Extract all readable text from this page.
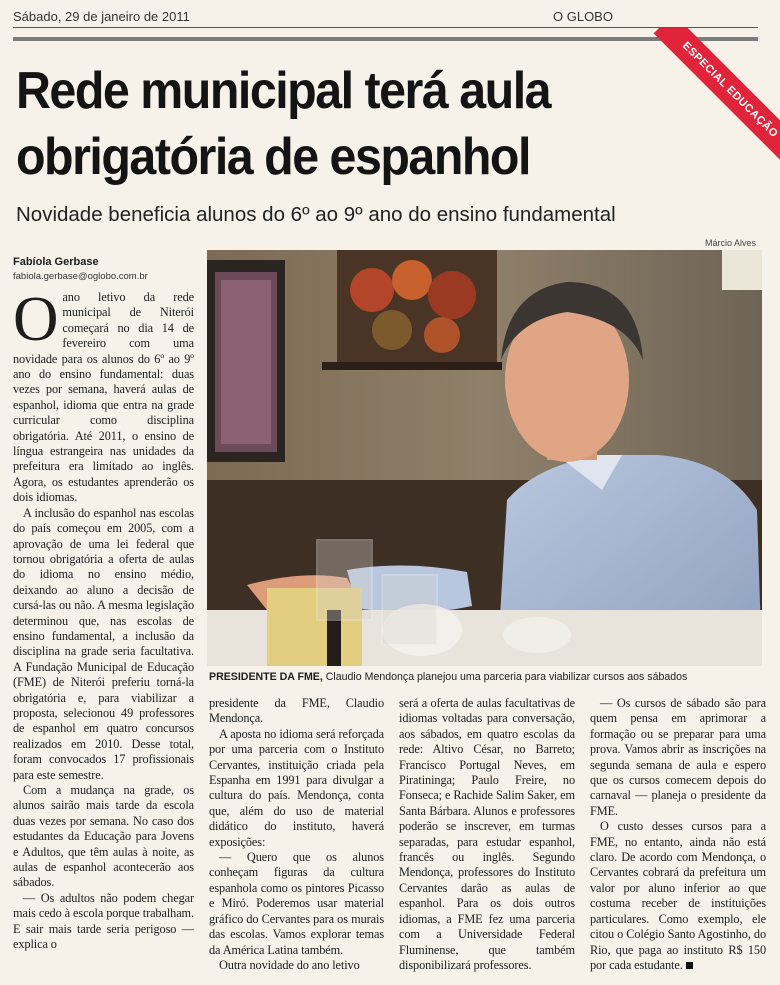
Sábado, 29 de janeiro de 2011	O GLOBO
ESPECIAL EDUCAÇÃO
Rede municipal terá aula
obrigatória de espanhol
Novidade beneficia alunos do 6º ao 9º ano do ensino fundamental
Márcio Alves
Fabíola Gerbase
fabiola.gerbase@oglobo.com.br
PRESIDENTE DA FME, Claudio Mendonça planejou uma parceria para viabilizar cursos aos sábados

O ano letivo da rede municipal de Niterói começará no dia 14 de fevereiro com uma novidade para os alunos do 6º ao 9º ano do ensino fundamental: duas vezes por semana, haverá aulas de espanhol, idioma que entra na grade curricular como disciplina obrigatória. Até 2011, o ensino de língua estrangeira nas unidades da prefeitura era limitado ao inglês. Agora, os estudantes aprenderão os dois idiomas.

A inclusão do espanhol nas escolas do país começou em 2005, com a aprovação de uma lei federal que tornou obrigatória a oferta de aulas do idioma no ensino médio, deixando ao aluno a decisão de cursá-las ou não. A mesma legislação determinou que, nas escolas de ensino fundamental, a inclusão da disciplina na grade seria facultativa. A Fundação Municipal de Educação (FME) de Niterói preferiu torná-la obrigatória e, para viabilizar a proposta, selecionou 49 professores de espanhol em quatro concursos realizados em 2010. Desse total, foram convocados 17 profissionais para este semestre.

Com a mudança na grade, os alunos sairão mais tarde da escola duas vezes por semana. No caso dos estudantes da Educação para Jovens e Adultos, que têm aulas à noite, as aulas de espanhol acontecerão aos sábados.

— Os adultos não podem chegar mais cedo à escola porque trabalham. E sair mais tarde seria perigoso — explica o

presidente da FME, Claudio Mendonça.

A aposta no idioma será reforçada por uma parceria com o Instituto Cervantes, instituição criada pela Espanha em 1991 para divulgar a cultura do país. Mendonça, conta que, além do uso de material didático do instituto, haverá exposições:

— Quero que os alunos conheçam figuras da cultura espanhola como os pintores Picasso e Miró. Poderemos usar material gráfico do Cervantes para os murais das escolas. Vamos explorar temas da América Latina também.

Outra novidade do ano letivo

será a oferta de aulas facultativas de idiomas voltadas para conversação, aos sábados, em quatro escolas da rede: Altivo César, no Barreto; Francisco Portugal Neves, em Piratininga; Paulo Freire, no Fonseca; e Rachide Salim Saker, em Santa Bárbara. Alunos e professores poderão se inscrever, em turmas separadas, para estudar espanhol, francês ou inglês. Segundo Mendonça, professores do Instituto Cervantes darão as aulas de espanhol. Para os dois outros idiomas, a FME fez uma parceria com a Universidade Federal Fluminense, que também disponibilizará professores.

— Os cursos de sábado são para quem pensa em aprimorar a formação ou se preparar para uma prova. Vamos abrir as inscrições na segunda semana de aula e espero que os cursos comecem depois do carnaval — planeja o presidente da FME.

O custo desses cursos para a FME, no entanto, ainda não está claro. De acordo com Mendonça, o Cervantes cobrará da prefeitura um valor por aluno inferior ao que costuma receber de instituições particulares. Como exemplo, ele citou o Colégio Santo Agostinho, do Rio, que paga ao instituto R$ 150 por cada estudante.
